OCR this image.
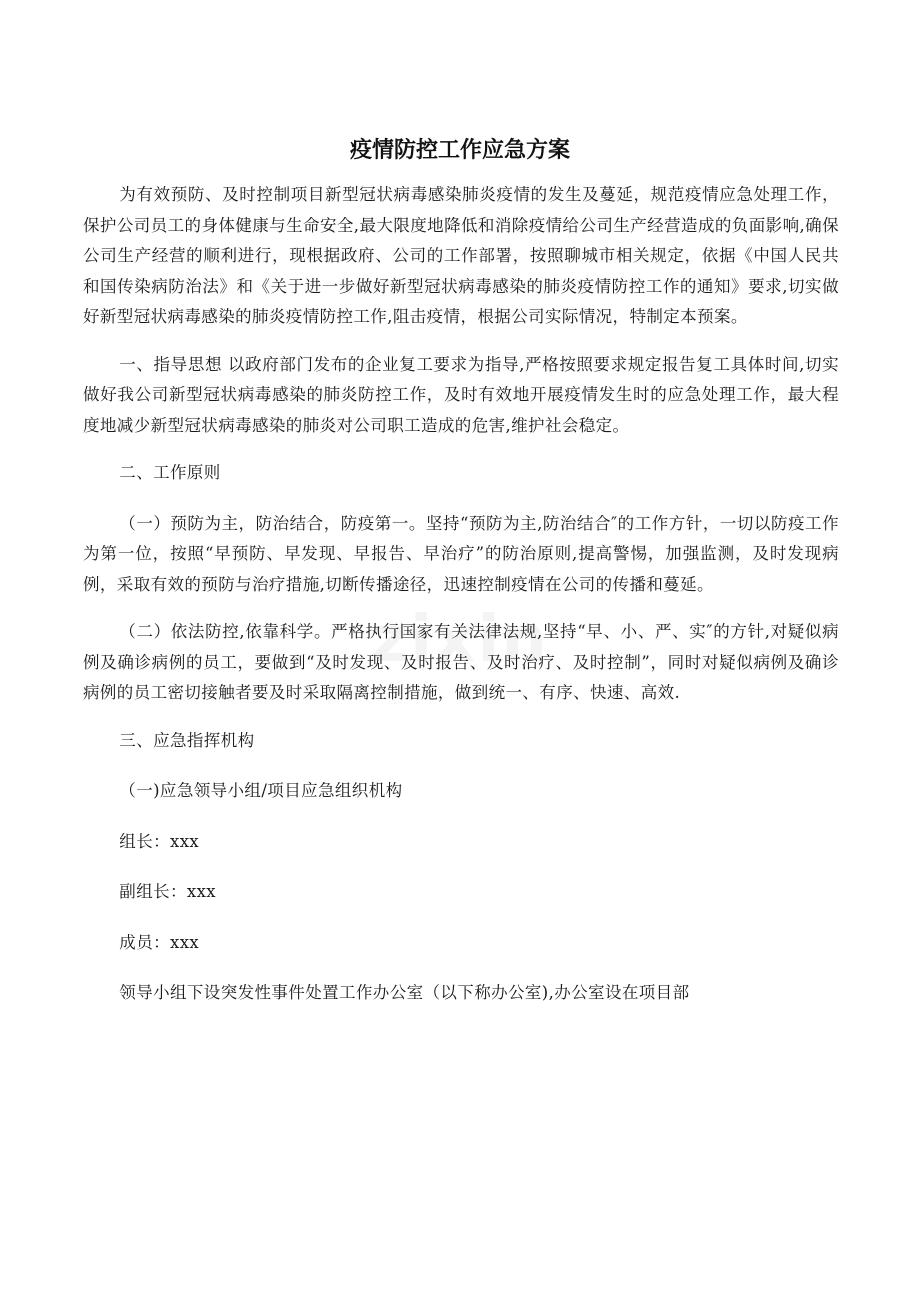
zixin
疫情防控工作应急方案

为有效预防、及时控制项目新型冠状病毒感染肺炎疫情的发生及蔓延，规范疫情应急处理工作，保护公司员工的身体健康与生命安全,最大限度地降低和消除疫情给公司生产经营造成的负面影响,确保公司生产经营的顺利进行，现根据政府、公司的工作部署，按照聊城市相关规定，依据《中国人民共和国传染病防治法》和《关于进一步做好新型冠状病毒感染的肺炎疫情防控工作的通知》要求,切实做好新型冠状病毒感染的肺炎疫情防控工作,阻击疫情，根据公司实际情况，特制定本预案。

一、指导思想 以政府部门发布的企业复工要求为指导,严格按照要求规定报告复工具体时间,切实做好我公司新型冠状病毒感染的肺炎防控工作，及时有效地开展疫情发生时的应急处理工作，最大程度地减少新型冠状病毒感染的肺炎对公司职工造成的危害,维护社会稳定。

二、工作原则

（一）预防为主，防治结合，防疫第一。坚持“预防为主,防治结合″的工作方针，一切以防疫工作为第一位，按照“早预防、早发现、早报告、早治疗”的防治原则,提高警惕，加强监测，及时发现病例，采取有效的预防与治疗措施,切断传播途径，迅速控制疫情在公司的传播和蔓延。

（二）依法防控,依靠科学。严格执行国家有关法律法规,坚持“早、小、严、实″的方针,对疑似病例及确诊病例的员工，要做到“及时发现、及时报告、及时治疗、及时控制”，同时对疑似病例及确诊病例的员工密切接触者要及时采取隔离控制措施，做到统一、有序、快速、高效.

三、应急指挥机构

（一)应急领导小组/项目应急组织机构

组长：xxx

副组长：xxx

成员：xxx

领导小组下设突发性事件处置工作办公室（以下称办公室),办公室设在项目部
